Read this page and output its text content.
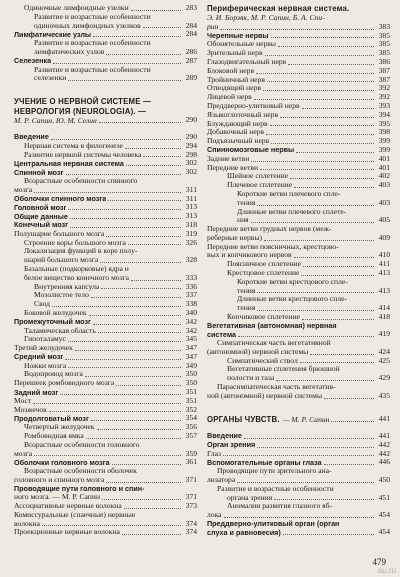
Одиночные лимфоидные узелки	283
Развитие и возрастные особенности
одиночных лимфоидных узелков	284
Лимфатические узлы	284
Развитие и возрастные особенности
лимфатических узлов	286
Селезенка	287
Развитие и возрастные особенности
селезенки	289
УЧЕНИЕ О НЕРВНОЙ СИСТЕМЕ —
НЕВРОЛОГИЯ (NEUROLOGIA). —
М. Р. Сапин, Ю. М. Селин	290
Введение	290
Нервная система в филогенезе	294
Развитие нервной системы человека	298
Центральная нервная система	302
Спинной мозг	302
Возрастные особенности спинного
мозга	311
Оболочки спинного мозга	311
Головной мозг	313
Общие данные	313
Конечный мозг	318
Полушарие большого мозга	319
Строение коры большого мозга	326
Локализация функций в коре полу-
шарий большого мозга	328
Базальные (подкорковые) ядра и
белое вещество конечного мозга	333
Внутренняя капсула	336
Мозолистое тело	337
Свод	338
Боковой желудочек	340
Промежуточный мозг	342
Таламическая область	342
Гипоталамус	345
Третий желудочек	347
Средний мозг	347
Ножки мозга	349
Водопровод мозга	350
Перешеек ромбовидного мозга	350
Задний мозг	351
Мост	351
Мозжечок	352
Продолговатый мозг	354
Четвертый желудочек	356
Ромбовидная ямка	357
Возрастные особенности головного
мозга	359
Оболочки головного мозга	361
Возрастные особенности оболочек
головного и спинного мозга	371
Проводящие пути головного и спин-
ного мозга. — М. Р. Сапин	371
Ассоциативные нервные волокна	373
Комиссуральные (спаечные) нервные
волокна	374
Проекционные нервные волокна	374
Периферическая нервная система.
Э. И. Борзяк, М. Р. Сапин, Б. А. Спи-
рин	383
Черепные нервы	385
Обонятельные нервы	385
Зрительный нерв	385
Глазодвигательный нерв	386
Блоковой нерв	387
Тройничный нерв	387
Отводящий нерв	392
Лицевой нерв	392
Преддверно-улитковый нерв	393
Языкоглоточный нерв	394
Блуждающий нерв	395
Добавочный нерв	398
Подъязычный нерв	399
Спинномозговые нервы	399
Задние ветви	401
Передние ветви	401
Шейное сплетение	402
Плечевое сплетение	403
Короткие ветви плечевого спле-
тения	403
Длинные ветви плечевого сплете-
ния	405
Передние ветви грудных нервов (меж-
реберные нервы)	409
Передние ветви поясничных, крестцово-
вых и копчикового нервов	410
Поясничное сплетение	411
Крестцовое сплетение	413
Короткие ветви крестцового спле-
тения	413
Длинные ветви крестцового спле-
тения	414
Копчиковое сплетение	418
Вегетативная (автономная) нервная
система	419
Симпатическая часть вегетативной
(автономной) нервной системы	424
Симпатический ствол	425
Вегетативные сплетения брюшной
полости и таза	429
Парасимпатическая часть вегетатив-
ной (автономной) нервной системы	435
ОРГАНЫ ЧУВСТВ. — М. Р. Сапин	441
Введение	441
Орган зрения	442
Глаз	442
Вспомогательные органы глаза	446
Проводящие пути зрительного ана-
лизатора	450
Развитие и возрастные особенности
органа зрения	451
Аномалии развития глазного яб-
лока	454
Преддверно-улитковый орган (орган
слуха и равновесия)	454
479
au.ru
